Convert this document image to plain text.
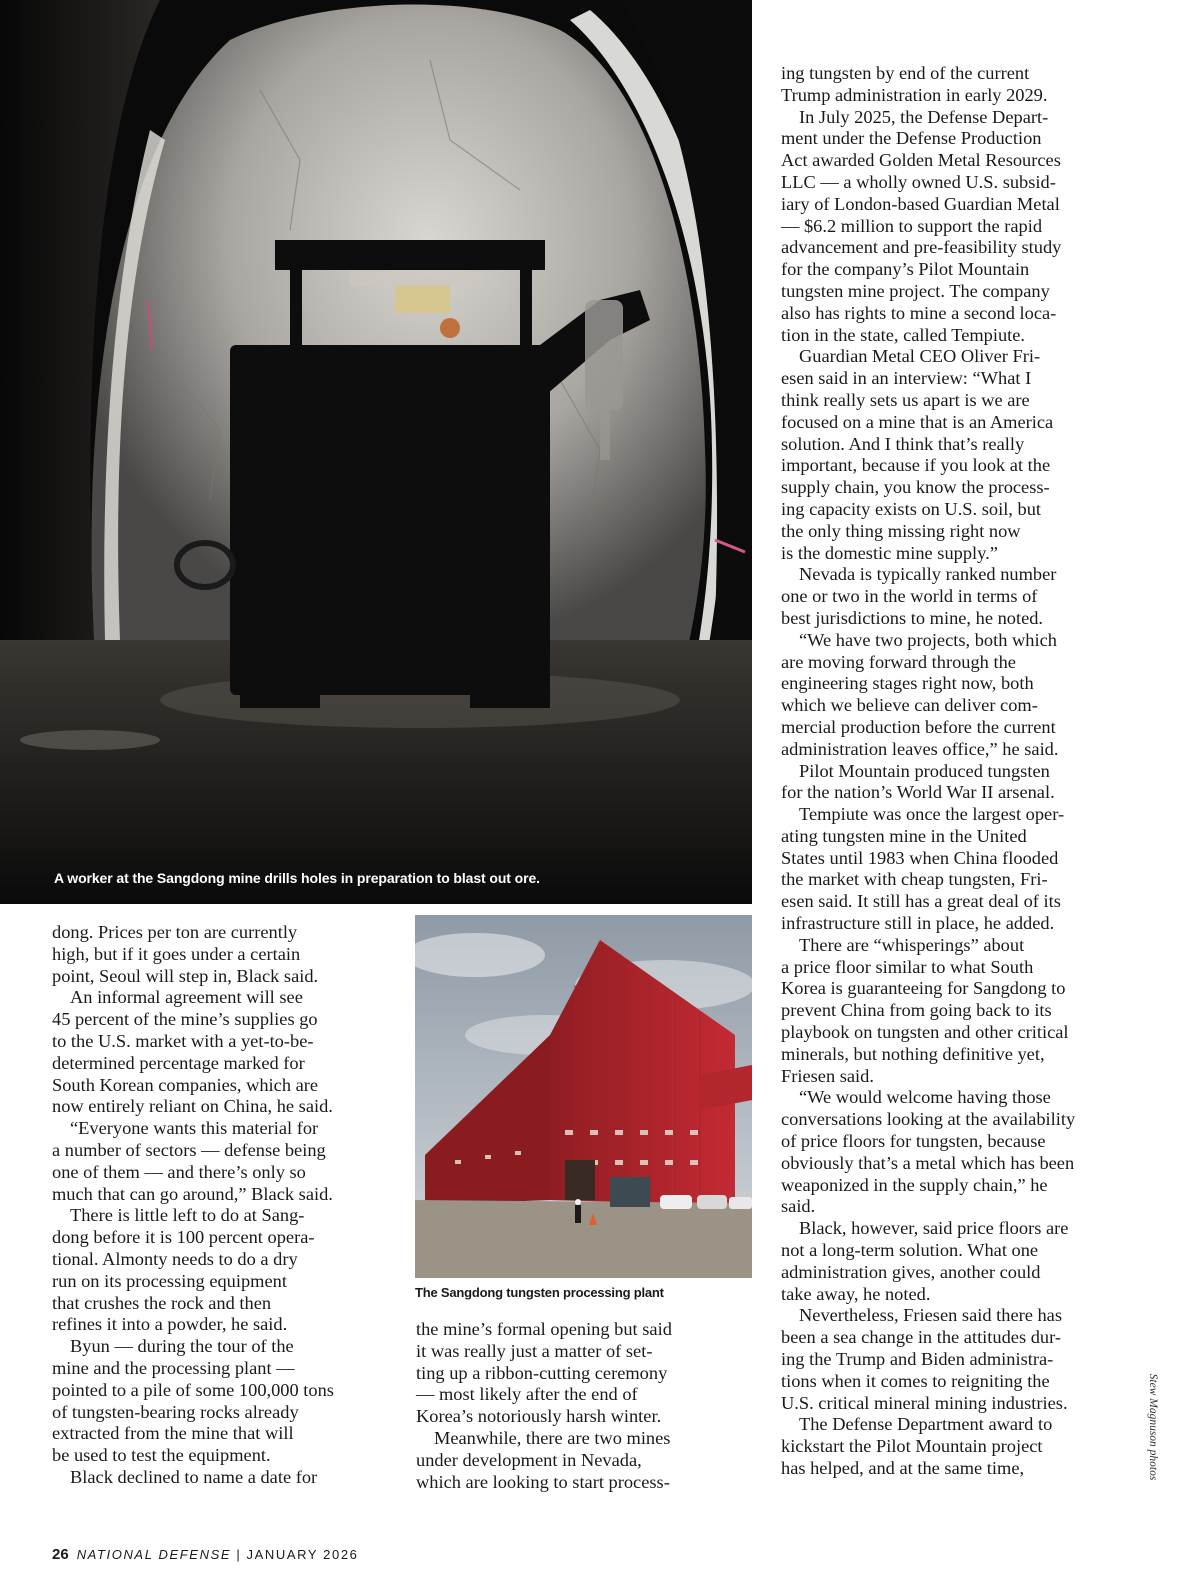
A worker at the Sangdong mine drills holes in preparation to blast out ore.
The Sangdong tungsten processing plant

dong. Prices per ton are currently
high, but if it goes under a certain
point, Seoul will step in, Black said.

An informal agreement will see
45 percent of the mine’s supplies go
to the U.S. market with a yet-to-be-
determined percentage marked for
South Korean companies, which are
now entirely reliant on China, he said.

“Everyone wants this material for
a number of sectors — defense being
one of them — and there’s only so
much that can go around,” Black said.

There is little left to do at Sang-
dong before it is 100 percent opera-
tional. Almonty needs to do a dry
run on its processing equipment
that crushes the rock and then
refines it into a powder, he said.

Byun — during the tour of the
mine and the processing plant —
pointed to a pile of some 100,000 tons
of tungsten-bearing rocks already
extracted from the mine that will
be used to test the equipment.

Black declined to name a date for

the mine’s formal opening but said
it was really just a matter of set-
ting up a ribbon-cutting ceremony
— most likely after the end of
Korea’s notoriously harsh winter.

Meanwhile, there are two mines
under development in Nevada,
which are looking to start process-

ing tungsten by end of the current
Trump administration in early 2029.

In July 2025, the Defense Depart-
ment under the Defense Production
Act awarded Golden Metal Resources
LLC — a wholly owned U.S. subsid-
iary of London-based Guardian Metal
— $6.2 million to support the rapid
advancement and pre-feasibility study
for the company’s Pilot Mountain
tungsten mine project. The company
also has rights to mine a second loca-
tion in the state, called Tempiute.

Guardian Metal CEO Oliver Fri-
esen said in an interview: “What I
think really sets us apart is we are
focused on a mine that is an America
solution. And I think that’s really
important, because if you look at the
supply chain, you know the process-
ing capacity exists on U.S. soil, but
the only thing missing right now
is the domestic mine supply.”

Nevada is typically ranked number
one or two in the world in terms of
best jurisdictions to mine, he noted.

“We have two projects, both which
are moving forward through the
engineering stages right now, both
which we believe can deliver com-
mercial production before the current
administration leaves office,” he said.

Pilot Mountain produced tungsten
for the nation’s World War II arsenal.

Tempiute was once the largest oper-
ating tungsten mine in the United
States until 1983 when China flooded
the market with cheap tungsten, Fri-
esen said. It still has a great deal of its
infrastructure still in place, he added.

There are “whisperings” about
a price floor similar to what South
Korea is guaranteeing for Sangdong to
prevent China from going back to its
playbook on tungsten and other critical
minerals, but nothing definitive yet,
Friesen said.

“We would welcome having those
conversations looking at the availability
of price floors for tungsten, because
obviously that’s a metal which has been
weaponized in the supply chain,” he
said.

Black, however, said price floors are
not a long-term solution. What one
administration gives, another could
take away, he noted.

Nevertheless, Friesen said there has
been a sea change in the attitudes dur-
ing the Trump and Biden administra-
tions when it comes to reigniting the
U.S. critical mineral mining industries.

The Defense Department award to
kickstart the Pilot Mountain project
has helped, and at the same time,	Stew Magnuson photos
26 NATIONAL DEFENSE | JANUARY 2026
